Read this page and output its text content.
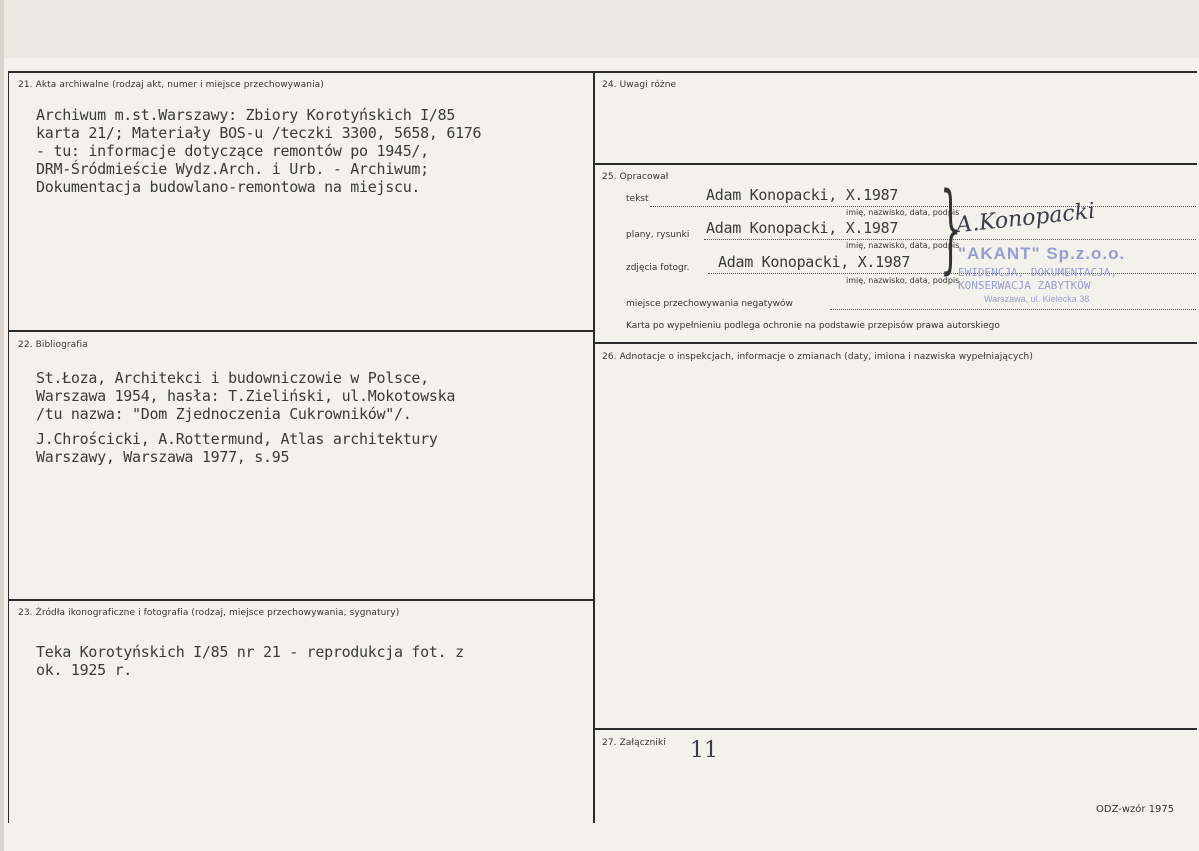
21. Akta archiwalne (rodzaj akt, numer i miejsce przechowywania)
Archiwum m.st.Warszawy: Zbiory Korotyńskich I/85
karta 21/; Materiały BOS-u /teczki 3300, 5658, 6176
- tu: informacje dotyczące remontów po 1945/,
DRM-Śródmieście Wydz.Arch. i Urb. - Archiwum;
Dokumentacja budowlano-remontowa na miejscu.
22. Bibliografia
St.Łoza, Architekci i budowniczowie w Polsce,
Warszawa 1954, hasła: T.Zieliński, ul.Mokotowska
/tu nazwa: "Dom Zjednoczenia Cukrowników"/.
J.Chrościcki, A.Rottermund, Atlas architektury
Warszawy, Warszawa 1977, s.95
23. Źródła ikonograficzne i fotografia (rodzaj, miejsce przechowywania, sygnatury)
Teka Korotyńskich I/85 nr 21 - reprodukcja fot. z
ok. 1925 r.
24. Uwagi różne
25. Opracował
tekst	Adam Konopacki, X.1987
imię, nazwisko, data, podpis
plany, rysunki Adam Konopacki, X.1987
imię, nazwisko, data, podpis
zdjęcia fotogr. Adam Konopacki, X.1987
imię, nazwisko, data, podpis
}
miejsce przechowywania negatywów
Karta po wypełnieniu podlega ochronie na podstawie przepisów prawa autorskiego
A.Konopacki
"AKANT" Sp.z.o.o.
EWIDENCJA, DOKUMENTACJA,
KONSERWACJA ZABYTKÓW
Warszawa, ul. Kielecka 38
26. Adnotacje o inspekcjach, informacje o zmianach (daty, imiona i nazwiska wypełniających)
27. Załączniki 11
ODZ-wzór 1975
